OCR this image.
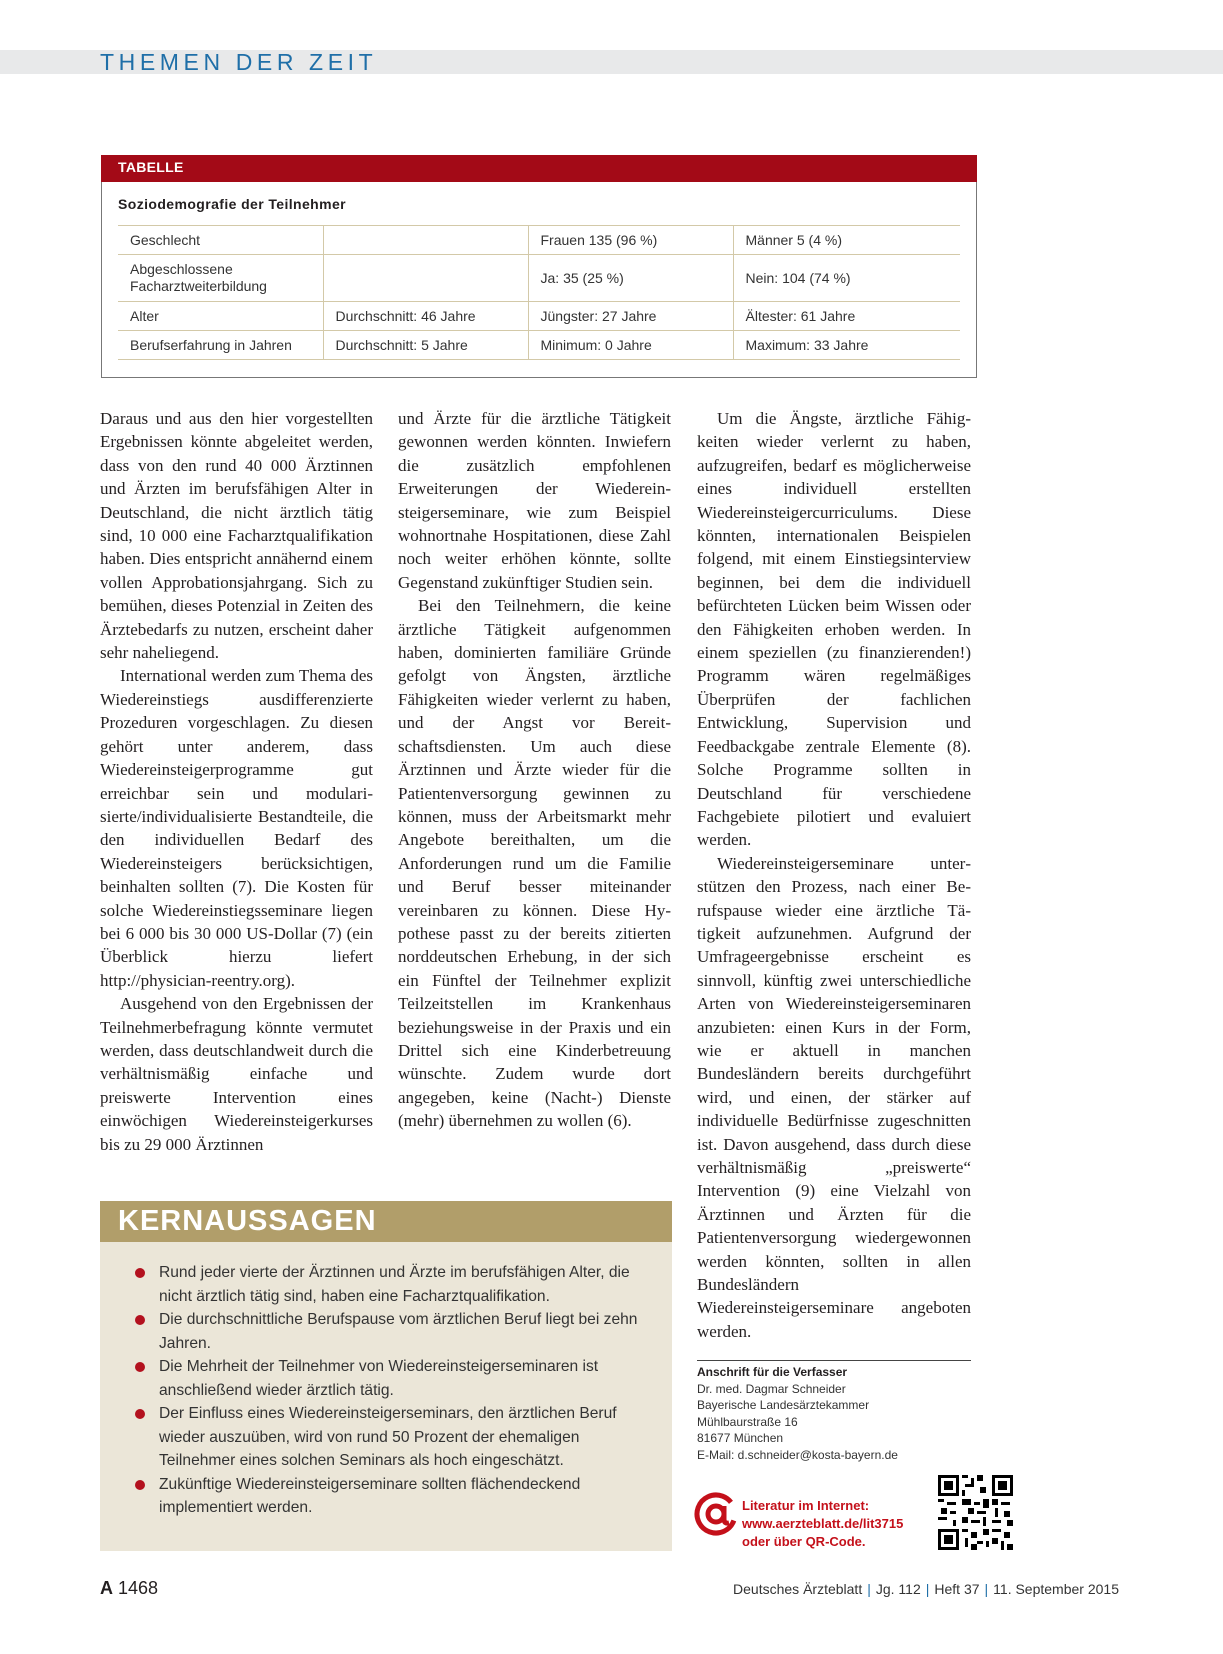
THEMEN DER ZEIT
TABELLE
Soziodemografie der Teilnehmer
Geschlecht		Frauen 135 (96 %)	Männer 5 (4 %)
Abgeschlossene
Facharztweiterbildung		Ja: 35 (25 %)	Nein: 104 (74 %)
Alter	Durchschnitt: 46 Jahre	Jüngster: 27 Jahre	Ältester: 61 Jahre
Berufserfahrung in Jahren	Durchschnitt: 5 Jahre	Minimum: 0 Jahre	Maximum: 33 Jahre

Daraus und aus den hier vorgestellten Ergebnissen könnte abgeleitet werden, dass von den rund 40 000 Ärztinnen und Ärzten im berufsfähigen Alter in Deutschland, die nicht ärztlich tätig sind, 10 000 eine Facharztqualifikation haben. Dies entspricht annähernd einem vollen Approbationsjahrgang. Sich zu bemühen, dieses Potenzial in Zeiten des Ärztebedarfs zu nutzen, erscheint daher sehr naheliegend.

International werden zum Thema des Wiedereinstiegs ausdifferenzierte Prozeduren vorgeschlagen. Zu diesen gehört unter anderem, dass Wiedereinsteigerprogramme gut erreichbar sein und modularisierte/individualisierte Bestandteile, die den individuellen Bedarf des Wiedereinsteigers berücksichtigen, beinhalten sollten (7). Die Kosten für solche Wiedereinstiegsseminare liegen bei 6 000 bis 30 000 US-Dollar (7) (ein Überblick hierzu liefert http://physician-reentry.org).

Ausgehend von den Ergebnissen der Teilnehmerbefragung könnte vermutet werden, dass deutschlandweit durch die verhältnismäßig einfache und preiswerte Intervention eines einwöchigen Wiedereinsteigerkurses bis zu 29 000 Ärztinnen

und Ärzte für die ärztliche Tätigkeit gewonnen werden könnten. Inwiefern die zusätzlich empfohlenen Erweiterungen der Wiedereinsteigerseminare, wie zum Beispiel wohnortnahe Hospitationen, diese Zahl noch weiter erhöhen könnte, sollte Gegenstand zukünftiger Studien sein.

Bei den Teilnehmern, die keine ärztliche Tätigkeit aufgenommen haben, dominierten familiäre Gründe gefolgt von Ängsten, ärztliche Fähigkeiten wieder verlernt zu haben, und der Angst vor Bereitschaftsdiensten. Um auch diese Ärztinnen und Ärzte wieder für die Patientenversorgung gewinnen zu können, muss der Arbeitsmarkt mehr Angebote bereithalten, um die Anforderungen rund um die Familie und Beruf besser miteinander vereinbaren zu können. Diese Hypothese passt zu der bereits zitierten norddeutschen Erhebung, in der sich ein Fünftel der Teilnehmer explizit Teilzeitstellen im Krankenhaus beziehungsweise in der Praxis und ein Drittel sich eine Kinderbetreuung wünschte. Zudem wurde dort angegeben, keine (Nacht-) Dienste (mehr) übernehmen zu wollen (6).

Um die Ängste, ärztliche Fähigkeiten wieder verlernt zu haben, aufzugreifen, bedarf es möglicherweise eines individuell erstellten Wiedereinsteigercurriculums. Diese könnten, internationalen Beispielen folgend, mit einem Einstiegsinterview beginnen, bei dem die individuell befürchteten Lücken beim Wissen oder den Fähigkeiten erhoben werden. In einem speziellen (zu finanzierenden!) Programm wären regelmäßiges Überprüfen der fachlichen Entwicklung, Supervision und Feedbackgabe zentrale Elemente (8). Solche Programme sollten in Deutschland für verschiedene Fachgebiete pilotiert und evaluiert werden.

Wiedereinsteigerseminare unterstützen den Prozess, nach einer Berufspause wieder eine ärztliche Tätigkeit aufzunehmen. Aufgrund der Umfrageergebnisse erscheint es sinnvoll, künftig zwei unterschiedliche Arten von Wiedereinsteigerseminaren anzubieten: einen Kurs in der Form, wie er aktuell in manchen Bundesländern bereits durchgeführt wird, und einen, der stärker auf individuelle Bedürfnisse zugeschnitten ist. Davon ausgehend, dass durch diese verhältnismäßig „preiswerte“ Intervention (9) eine Vielzahl von Ärztinnen und Ärzten für die Patientenversorgung wiedergewonnen werden könnten, sollten in allen Bundesländern Wiedereinsteigerseminare angeboten werden.

KERNAUSSAGEN
Rund jeder vierte der Ärztinnen und Ärzte im berufsfähigen Alter, die nicht ärztlich tätig sind, haben eine Facharztqualifikation.
Die durchschnittliche Berufspause vom ärztlichen Beruf liegt bei zehn Jahren.
Die Mehrheit der Teilnehmer von Wiedereinsteigerseminaren ist anschließend wieder ärztlich tätig.
Der Einfluss eines Wiedereinsteigerseminars, den ärztlichen Beruf wieder auszuüben, wird von rund 50 Prozent der ehemaligen Teilnehmer eines solchen Seminars als hoch eingeschätzt.
Zukünftige Wiedereinsteigerseminare sollten flächendeckend implementiert werden.
Anschrift für die Verfasser
Dr. med. Dagmar Schneider
Bayerische Landesärztekammer
Mühlbaurstraße 16
81677 München
E-Mail: d.schneider@kosta-bayern.de
Literatur im Internet:
www.aerzteblatt.de/lit3715
oder über QR-Code.
A 1468	Deutsches Ärzteblatt | Jg. 112 | Heft 37 | 11. September 2015
